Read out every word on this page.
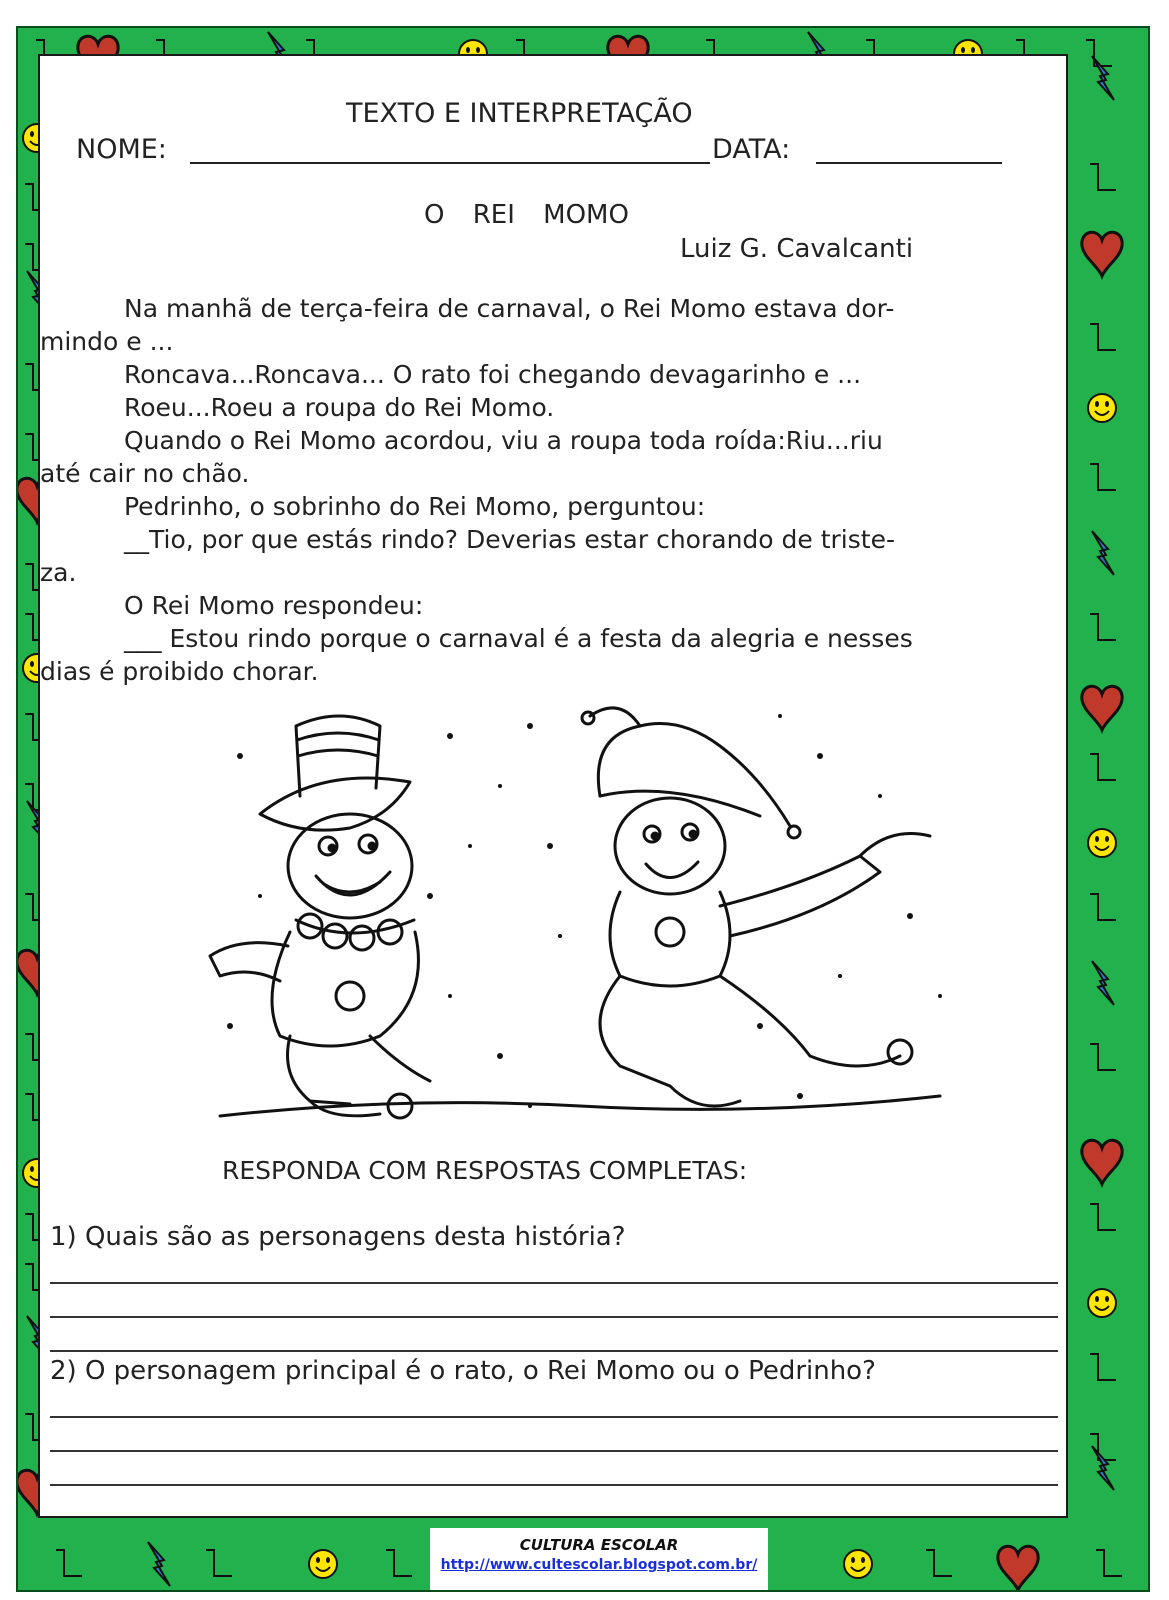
TEXTO E INTERPRETAÇÃO
NOME:	DATA:
O REI MOMO
Luiz G. Cavalcanti
Na manhã de terça-feira de carnaval, o Rei Momo estava dor-
mindo e ...
Roncava...Roncava... O rato foi chegando devagarinho e ...
Roeu...Roeu a roupa do Rei Momo.
Quando o Rei Momo acordou, viu a roupa toda roída:Riu...riu
até cair no chão.
Pedrinho, o sobrinho do Rei Momo, perguntou:
__Tio, por que estás rindo? Deverias estar chorando de triste-
za.
O Rei Momo respondeu:
___ Estou rindo porque o carnaval é a festa da alegria e nesses
dias é proibido chorar.
RESPONDA COM RESPOSTAS COMPLETAS:
1) Quais são as personagens desta história?
2) O personagem principal é o rato, o Rei Momo ou o Pedrinho?
CULTURA ESCOLAR
http://www.cultescolar.blogspot.com.br/
